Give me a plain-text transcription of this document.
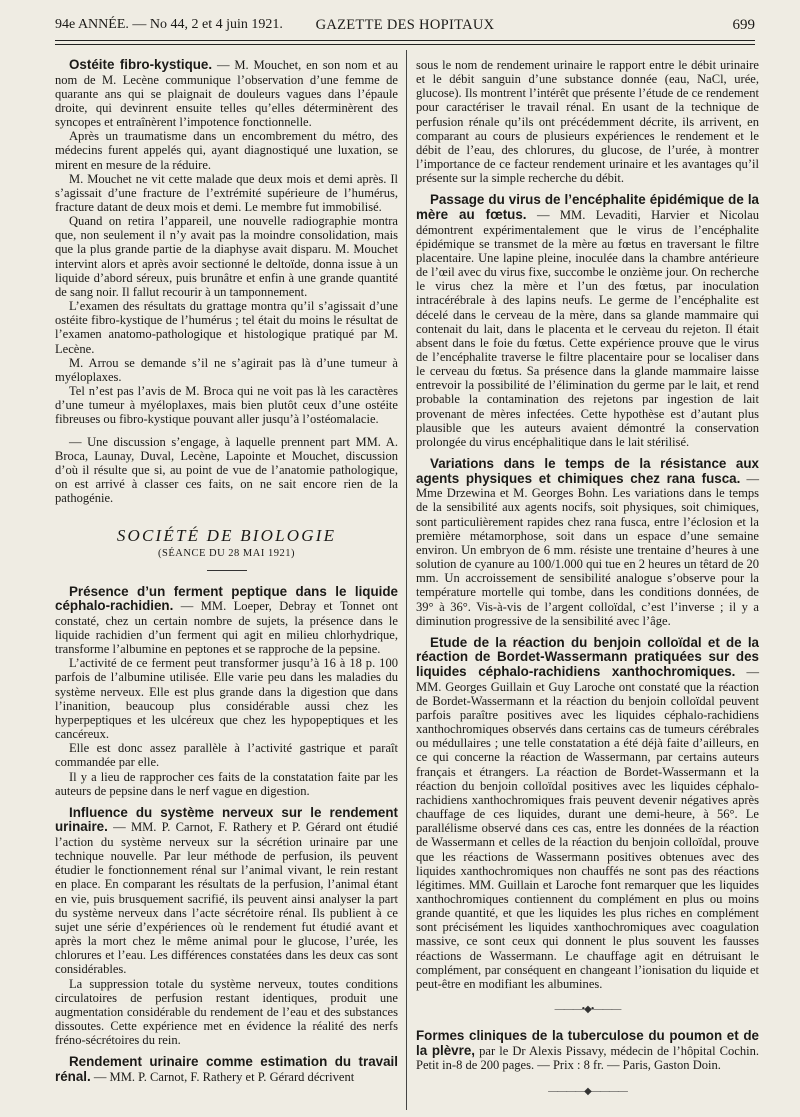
94e ANNÉE. — No 44, 2 et 4 juin 1921.	GAZETTE DES HOPITAUX	699

Ostéite fibro-kystique. — M. Mouchet, en son nom et au nom de M. Lecène communique l’observation d’une femme de quarante ans qui se plaignait de douleurs vagues dans l’épaule droite, qui devinrent ensuite telles qu’elles déterminèrent des syncopes et entraînèrent l’impotence fonctionnelle.

Après un traumatisme dans un encombrement du métro, des médecins furent appelés qui, ayant diagnostiqué une luxation, se mirent en mesure de la réduire.

M. Mouchet ne vit cette malade que deux mois et demi après. Il s’agissait d’une fracture de l’extrémité supérieure de l’humérus, fracture datant de deux mois et demi. Le membre fut immobilisé.

Quand on retira l’appareil, une nouvelle radiographie montra que, non seulement il n’y avait pas la moindre consolidation, mais que la plus grande partie de la diaphyse avait disparu. M. Mouchet intervint alors et après avoir sectionné le deltoïde, donna issue à un liquide d’abord séreux, puis brunâtre et enfin à une grande quantité de sang noir. Il fallut recourir à un tamponnement.

L’examen des résultats du grattage montra qu’il s’agissait d’une ostéite fibro-kystique de l’humérus ; tel était du moins le résultat de l’examen anatomo-pathologique et histologique pratiqué par M. Lecène.

M. Arrou se demande s’il ne s’agirait pas là d’une tumeur à myéloplaxes.

Tel n’est pas l’avis de M. Broca qui ne voit pas là les caractères d’une tumeur à myéloplaxes, mais bien plutôt ceux d’une ostéite fibreuses ou fibro-kystique pouvant aller jusqu’à l’ostéomalacie.

— Une discussion s’engage, à laquelle prennent part MM. A. Broca, Launay, Duval, Lecène, Lapointe et Mouchet, discussion d’où il résulte que si, au point de vue de l’anatomie pathologique, on est arrivé à classer ces faits, on ne sait encore rien de la pathogénie.

SOCIÉTÉ DE BIOLOGIE

(SÉANCE DU 28 MAI 1921)

Présence d’un ferment peptique dans le liquide céphalo-rachidien. — MM. Loeper, Debray et Tonnet ont constaté, chez un certain nombre de sujets, la présence dans le liquide rachidien d’un ferment qui agit en milieu chlorhydrique, transforme l’albumine en peptones et se rapproche de la pepsine.

L’activité de ce ferment peut transformer jusqu’à 16 à 18 p. 100 parfois de l’albumine utilisée. Elle varie peu dans les maladies du système nerveux. Elle est plus grande dans la digestion que dans l’inanition, beaucoup plus considérable aussi chez les hyperpeptiques et les ulcéreux que chez les hypopeptiques et les cancéreux.

Elle est donc assez parallèle à l’activité gastrique et paraît commandée par elle.

Il y a lieu de rapprocher ces faits de la constatation faite par les auteurs de pepsine dans le nerf vague en digestion.

Influence du système nerveux sur le rendement urinaire. — MM. P. Carnot, F. Rathery et P. Gérard ont étudié l’action du système nerveux sur la sécrétion urinaire par une technique nouvelle. Par leur méthode de perfusion, ils peuvent étudier le fonctionnement rénal sur l’animal vivant, le rein restant en place. En comparant les résultats de la perfusion, l’animal étant en vie, puis brusquement sacrifié, ils peuvent ainsi analyser la part du système nerveux dans l’acte sécrétoire rénal. Ils publient à ce sujet une série d’expériences où le rendement fut étudié avant et après la mort chez le même animal pour le glucose, l’urée, les chlorures et l’eau. Les différences constatées dans les deux cas sont considérables.

La suppression totale du système nerveux, toutes conditions circulatoires de perfusion restant identiques, produit une augmentation considérable du rendement de l’eau et des substances dissoutes. Cette expérience met en évidence la réalité des nerfs fréno-sécrétoires du rein.

Rendement urinaire comme estimation du travail rénal. — MM. P. Carnot, F. Rathery et P. Gérard décrivent

sous le nom de rendement urinaire le rapport entre le débit urinaire et le débit sanguin d’une substance donnée (eau, NaCl, urée, glucose). Ils montrent l’intérêt que présente l’étude de ce rendement pour caractériser le travail rénal. En usant de la technique de perfusion rénale qu’ils ont précédemment décrite, ils arrivent, en comparant au cours de plusieurs expériences le rendement et le débit de l’eau, des chlorures, du glucose, de l’urée, à montrer l’importance de ce facteur rendement urinaire et les avantages qu’il présente sur la simple recherche du débit.

Passage du virus de l’encéphalite épidémique de la mère au fœtus. — MM. Levaditi, Harvier et Nicolau démontrent expérimentalement que le virus de l’encéphalite épidémique se transmet de la mère au fœtus en traversant le filtre placentaire. Une lapine pleine, inoculée dans la chambre antérieure de l’œil avec du virus fixe, succombe le onzième jour. On recherche le virus chez la mère et l’un des fœtus, par inoculation intracérébrale à des lapins neufs. Le germe de l’encéphalite est décelé dans le cerveau de la mère, dans sa glande mammaire qui contenait du lait, dans le placenta et le cerveau du rejeton. Il était absent dans le foie du fœtus. Cette expérience prouve que le virus de l’encéphalite traverse le filtre placentaire pour se localiser dans le cerveau du fœtus. Sa présence dans la glande mammaire laisse entrevoir la possibilité de l’élimination du germe par le lait, et rend probable la contamination des rejetons par ingestion de lait provenant de mères infectées. Cette hypothèse est d’autant plus plausible que les auteurs avaient démontré la conservation prolongée du virus encéphalitique dans le lait stérilisé.

Variations dans le temps de la résistance aux agents physiques et chimiques chez rana fusca. — Mme Drzewina et M. Georges Bohn. Les variations dans le temps de la sensibilité aux agents nocifs, soit physiques, soit chimiques, sont particulièrement rapides chez rana fusca, entre l’éclosion et la première métamorphose, soit dans un espace d’une semaine environ. Un embryon de 6 mm. résiste une trentaine d’heures à une solution de cyanure au 100/1.000 qui tue en 2 heures un têtard de 20 mm. Un accroissement de sensibilité analogue s’observe pour la température mortelle qui tombe, dans les conditions données, de 39° à 36°. Vis-à-vis de l’argent colloïdal, c’est l’inverse ; il y a diminution progressive de la sensibilité avec l’âge.

Etude de la réaction du benjoin colloïdal et de la réaction de Bordet-Wassermann pratiquées sur des liquides céphalo-rachidiens xanthochromiques. — MM. Georges Guillain et Guy Laroche ont constaté que la réaction de Bordet-Wassermann et la réaction du benjoin colloïdal peuvent parfois paraître positives avec les liquides céphalo-rachidiens xanthochromiques observés dans certains cas de tumeurs cérébrales ou médullaires ; une telle constatation a été déjà faite d’ailleurs, en ce qui concerne la réaction de Wassermann, par certains auteurs français et étrangers. La réaction de Bordet-Wassermann et la réaction du benjoin colloïdal positives avec les liquides céphalo-rachidiens xanthochromiques frais peuvent devenir négatives après chauffage de ces liquides, durant une demi-heure, à 56°. Le parallélisme observé dans ces cas, entre les données de la réaction de Wassermann et celles de la réaction du benjoin colloïdal, prouve que les réactions de Wassermann positives obtenues avec des liquides xanthochromiques non chauffés ne sont pas des réactions légitimes. MM. Guillain et Laroche font remarquer que les liquides xanthochromiques contiennent du complément en plus ou moins grande quantité, et que les liquides les plus riches en complément sont précisément les liquides xanthochromiques avec coagulation massive, ce sont ceux qui donnent le plus souvent les fausses réactions de Wassermann. Le chauffage agit en détruisant le complément, par conséquent en changeant l’ionisation du liquide et peut-être en modifiant les albumines.

———•◆•———

Formes cliniques de la tuberculose du poumon et de la plèvre, par le Dr Alexis Pissavy, médecin de l’hôpital Cochin. Petit in-8 de 200 pages. — Prix : 8 fr. — Paris, Gaston Doin.

————◆————
